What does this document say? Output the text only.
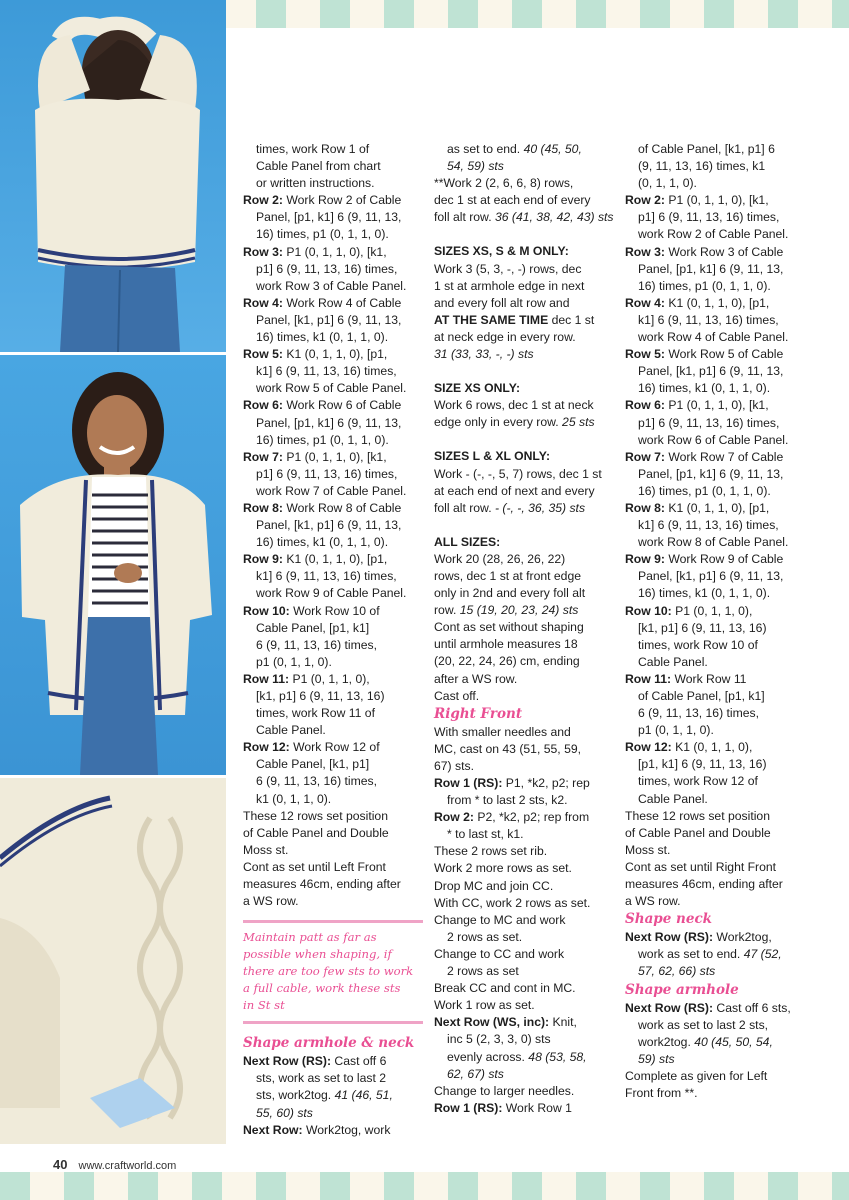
times, work Row 1 of

Cable Panel from chart

or written instructions.

Row 2: Work Row 2 of Cable

Panel, [p1, k1] 6 (9, 11, 13,

16) times, p1 (0, 1, 1, 0).

Row 3: P1 (0, 1, 1, 0), [k1,

p1] 6 (9, 11, 13, 16) times,

work Row 3 of Cable Panel.

Row 4: Work Row 4 of Cable

Panel, [k1, p1] 6 (9, 11, 13,

16) times, k1 (0, 1, 1, 0).

Row 5: K1 (0, 1, 1, 0), [p1,

k1] 6 (9, 11, 13, 16) times,

work Row 5 of Cable Panel.

Row 6: Work Row 6 of Cable

Panel, [p1, k1] 6 (9, 11, 13,

16) times, p1 (0, 1, 1, 0).

Row 7: P1 (0, 1, 1, 0), [k1,

p1] 6 (9, 11, 13, 16) times,

work Row 7 of Cable Panel.

Row 8: Work Row 8 of Cable

Panel, [k1, p1] 6 (9, 11, 13,

16) times, k1 (0, 1, 1, 0).

Row 9: K1 (0, 1, 1, 0), [p1,

k1] 6 (9, 11, 13, 16) times,

work Row 9 of Cable Panel.

Row 10: Work Row 10 of

Cable Panel, [p1, k1]

6 (9, 11, 13, 16) times,

p1 (0, 1, 1, 0).

Row 11: P1 (0, 1, 1, 0),

[k1, p1] 6 (9, 11, 13, 16)

times, work Row 11 of

Cable Panel.

Row 12: Work Row 12 of

Cable Panel, [k1, p1]

6 (9, 11, 13, 16) times,

k1 (0, 1, 1, 0).

These 12 rows set position

of Cable Panel and Double

Moss st.

Cont as set until Left Front

measures 46cm, ending after

a WS row.

Maintain patt as far as
possible when shaping, if
there are too few sts to work
a full cable, work these sts
in St st

Shape armhole & neck

Next Row (RS): Cast off 6

sts, work as set to last 2

sts, work2tog. 41 (46, 51,

55, 60) sts

Next Row: Work2tog, work

as set to end. 40 (45, 50,

54, 59) sts

**Work 2 (2, 6, 6, 8) rows,

dec 1 st at each end of every

foll alt row. 36 (41, 38, 42, 43) sts

SIZES XS, S & M ONLY:

Work 3 (5, 3, -, -) rows, dec

1 st at armhole edge in next

and every foll alt row and

AT THE SAME TIME dec 1 st

at neck edge in every row.

31 (33, 33, -, -) sts

SIZE XS ONLY:

Work 6 rows, dec 1 st at neck

edge only in every row. 25 sts

SIZES L & XL ONLY:

Work - (-, -, 5, 7) rows, dec 1 st

at each end of next and every

foll alt row. - (-, -, 36, 35) sts

ALL SIZES:

Work 20 (28, 26, 26, 22)

rows, dec 1 st at front edge

only in 2nd and every foll alt

row. 15 (19, 20, 23, 24) sts

Cont as set without shaping

until armhole measures 18

(20, 22, 24, 26) cm, ending

after a WS row.

Cast off.

Right Front

With smaller needles and

MC, cast on 43 (51, 55, 59,

67) sts.

Row 1 (RS): P1, *k2, p2; rep

from * to last 2 sts, k2.

Row 2: P2, *k2, p2; rep from

* to last st, k1.

These 2 rows set rib.

Work 2 more rows as set.

Drop MC and join CC.

With CC, work 2 rows as set.

Change to MC and work

2 rows as set.

Change to CC and work

2 rows as set

Break CC and cont in MC.

Work 1 row as set.

Next Row (WS, inc): Knit,

inc 5 (2, 3, 3, 0) sts

evenly across. 48 (53, 58,

62, 67) sts

Change to larger needles.

Row 1 (RS): Work Row 1

of Cable Panel, [k1, p1] 6

(9, 11, 13, 16) times, k1

(0, 1, 1, 0).

Row 2: P1 (0, 1, 1, 0), [k1,

p1] 6 (9, 11, 13, 16) times,

work Row 2 of Cable Panel.

Row 3: Work Row 3 of Cable

Panel, [p1, k1] 6 (9, 11, 13,

16) times, p1 (0, 1, 1, 0).

Row 4: K1 (0, 1, 1, 0), [p1,

k1] 6 (9, 11, 13, 16) times,

work Row 4 of Cable Panel.

Row 5: Work Row 5 of Cable

Panel, [k1, p1] 6 (9, 11, 13,

16) times, k1 (0, 1, 1, 0).

Row 6: P1 (0, 1, 1, 0), [k1,

p1] 6 (9, 11, 13, 16) times,

work Row 6 of Cable Panel.

Row 7: Work Row 7 of Cable

Panel, [p1, k1] 6 (9, 11, 13,

16) times, p1 (0, 1, 1, 0).

Row 8: K1 (0, 1, 1, 0), [p1,

k1] 6 (9, 11, 13, 16) times,

work Row 8 of Cable Panel.

Row 9: Work Row 9 of Cable

Panel, [k1, p1] 6 (9, 11, 13,

16) times, k1 (0, 1, 1, 0).

Row 10: P1 (0, 1, 1, 0),

[k1, p1] 6 (9, 11, 13, 16)

times, work Row 10 of

Cable Panel.

Row 11: Work Row 11

of Cable Panel, [p1, k1]

6 (9, 11, 13, 16) times,

p1 (0, 1, 1, 0).

Row 12: K1 (0, 1, 1, 0),

[p1, k1] 6 (9, 11, 13, 16)

times, work Row 12 of

Cable Panel.

These 12 rows set position

of Cable Panel and Double

Moss st.

Cont as set until Right Front

measures 46cm, ending after

a WS row.

Shape neck

Next Row (RS): Work2tog,

work as set to end. 47 (52,

57, 62, 66) sts

Shape armhole

Next Row (RS): Cast off 6 sts,

work as set to last 2 sts,

work2tog. 40 (45, 50, 54,

59) sts

Complete as given for Left

Front from **.

40 www.craftworld.com
